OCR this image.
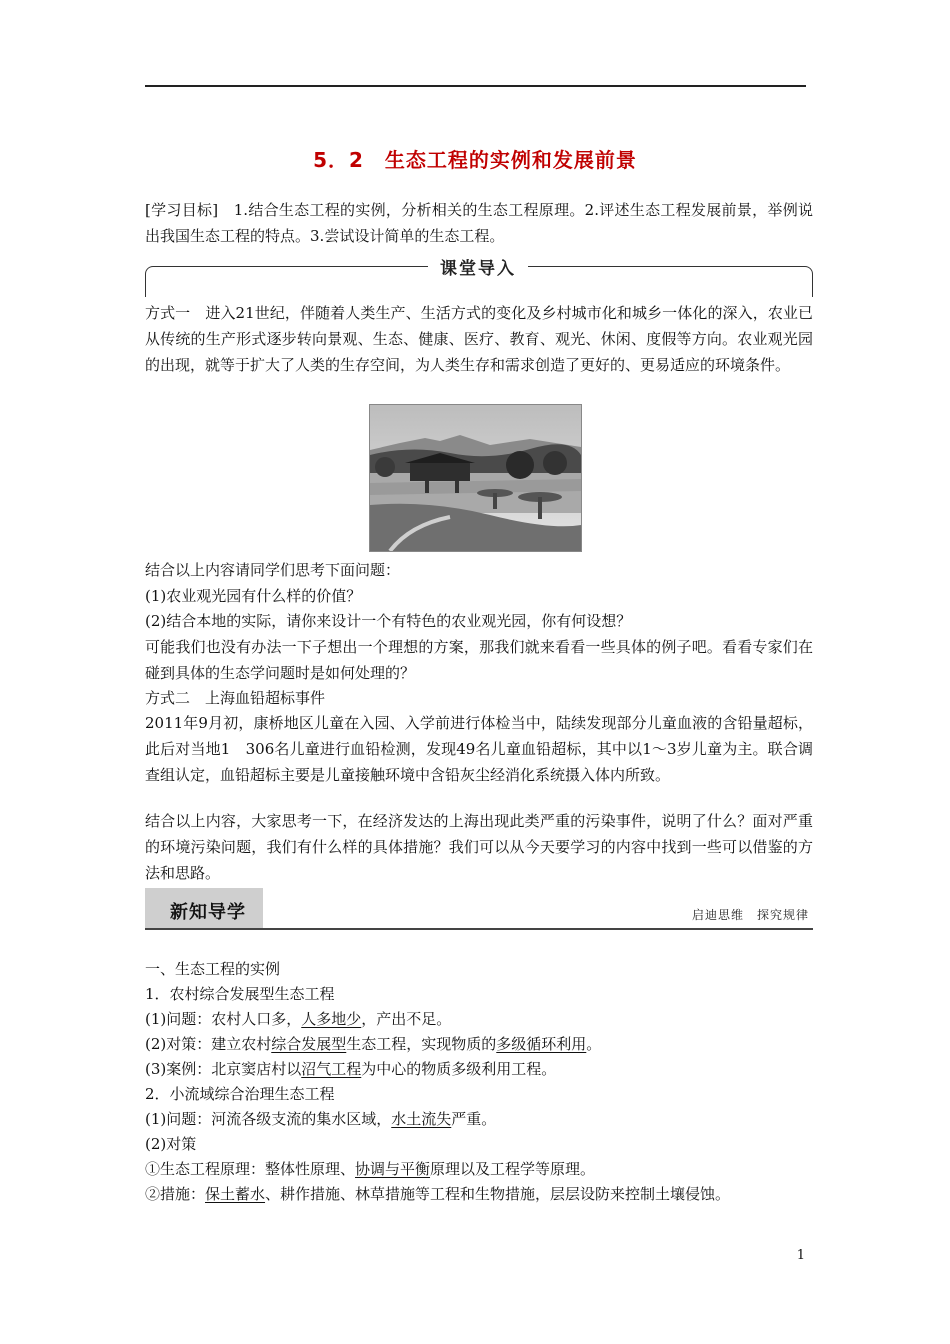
5．2　生态工程的实例和发展前景

[学习目标]　1.结合生态工程的实例，分析相关的生态工程原理。2.评述生态工程发展前景，举例说出我国生态工程的特点。3.尝试设计简单的生态工程。

课堂导入

方式一　进入21世纪，伴随着人类生产、生活方式的变化及乡村城市化和城乡一体化的深入，农业已从传统的生产形式逐步转向景观、生态、健康、医疗、教育、观光、休闲、度假等方向。农业观光园的出现，就等于扩大了人类的生存空间，为人类生存和需求创造了更好的、更易适应的环境条件。

结合以上内容请同学们思考下面问题：
(1)农业观光园有什么样的价值？
(2)结合本地的实际，请你来设计一个有特色的农业观光园，你有何设想？

可能我们也没有办法一下子想出一个理想的方案，那我们就来看看一些具体的例子吧。看看专家们在碰到具体的生态学问题时是如何处理的？

方式二　上海血铅超标事件

2011年9月初，康桥地区儿童在入园、入学前进行体检当中，陆续发现部分儿童血液的含铅量超标，此后对当地1　306名儿童进行血铅检测，发现49名儿童血铅超标，其中以1～3岁儿童为主。联合调查组认定，血铅超标主要是儿童接触环境中含铅灰尘经消化系统摄入体内所致。

结合以上内容，大家思考一下，在经济发达的上海出现此类严重的污染事件，说明了什么？面对严重的环境污染问题，我们有什么样的具体措施？我们可以从今天要学习的内容中找到一些可以借鉴的方法和思路。

新知导学	启迪思维　探究规律
一、生态工程的实例
1．农村综合发展型生态工程
(1)问题：农村人口多，人多地少，产出不足。
(2)对策：建立农村综合发展型生态工程，实现物质的多级循环利用。
(3)案例：北京窦店村以沼气工程为中心的物质多级利用工程。
2．小流域综合治理生态工程
(1)问题：河流各级支流的集水区域，水土流失严重。
(2)对策
①生态工程原理：整体性原理、协调与平衡原理以及工程学等原理。
②措施：保土蓄水、耕作措施、林草措施等工程和生物措施，层层设防来控制土壤侵蚀。
1
